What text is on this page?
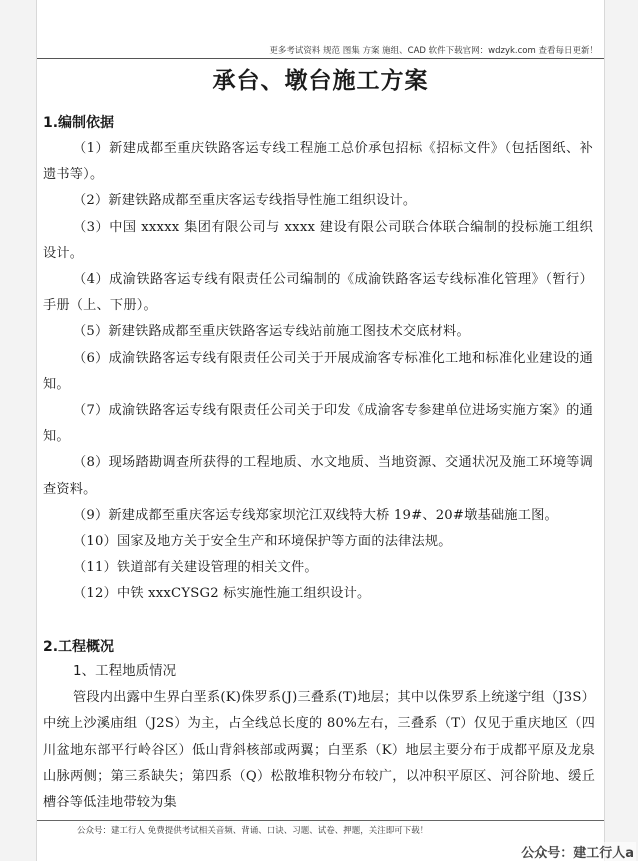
更多考试资料 规范 图集 方案 施组、CAD 软件下载官网：wdzyk.com 查看每日更新！
承台、墩台施工方案
1.编制依据
（1）新建成都至重庆铁路客运专线工程施工总价承包招标《招标文件》（包括图纸、补遗书等）。
（2）新建铁路成都至重庆客运专线指导性施工组织设计。
（3）中国 xxxxx 集团有限公司与 xxxx 建设有限公司联合体联合编制的投标施工组织设计。
（4）成渝铁路客运专线有限责任公司编制的《成渝铁路客运专线标准化管理》（暂行）手册（上、下册）。
（5）新建铁路成都至重庆铁路客运专线站前施工图技术交底材料。
（6）成渝铁路客运专线有限责任公司关于开展成渝客专标准化工地和标准化业建设的通知。
（7）成渝铁路客运专线有限责任公司关于印发《成渝客专参建单位进场实施方案》的通知。
（8）现场踏勘调查所获得的工程地质、水文地质、当地资源、交通状况及施工环境等调查资料。
（9）新建成都至重庆客运专线郑家坝沱江双线特大桥 19#、20#墩基础施工图。
（10）国家及地方关于安全生产和环境保护等方面的法律法规。
（11）铁道部有关建设管理的相关文件。
（12）中铁 xxxCYSG2 标实施性施工组织设计。
2.工程概况
1、工程地质情况

管段内出露中生界白垩系(K)侏罗系(J)三叠系(T)地层；其中以侏罗系上统遂宁组（J3S）中统上沙溪庙组（J2S）为主，占全线总长度的 80%左右，三叠系（T）仅见于重庆地区（四川盆地东部平行岭谷区）低山背斜核部或两翼；白垩系（K）地层主要分布于成都平原及龙泉山脉两侧；第三系缺失；第四系（Q）松散堆积物分布较广，以冲积平原区、河谷阶地、缓丘槽谷等低洼地带较为集

公众号：建工行人 免费提供考试相关音频、背诵、口诀、习题、试卷、押题，关注即可下载！
公众号：建工行人a
